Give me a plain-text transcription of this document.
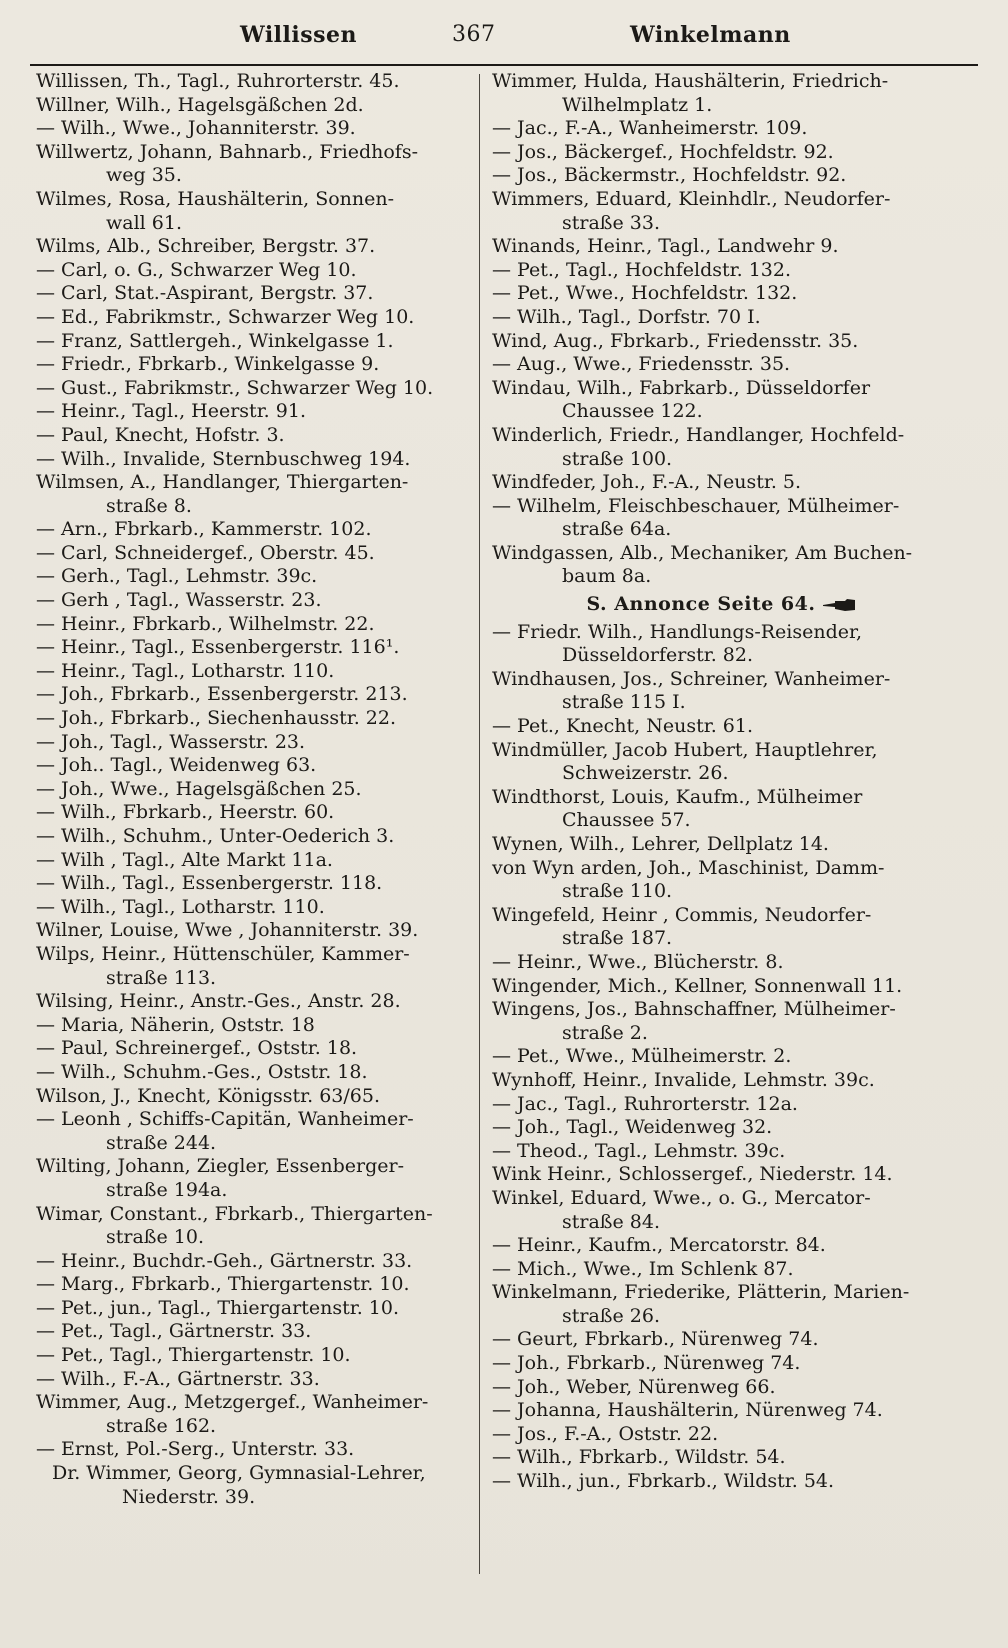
Willissen	367	Winkelmann
Willissen, Th., Tagl., Ruhrorterstr. 45.
Willner, Wilh., Hagelsgäßchen 2d.
— Wilh., Wwe., Johanniterstr. 39.
Willwertz, Johann, Bahnarb., Friedhofs-
weg 35.
Wilmes, Rosa, Haushälterin, Sonnen-
wall 61.
Wilms, Alb., Schreiber, Bergstr. 37.
— Carl, o. G., Schwarzer Weg 10.
— Carl, Stat.-Aspirant, Bergstr. 37.
— Ed., Fabrikmstr., Schwarzer Weg 10.
— Franz, Sattlergeh., Winkelgasse 1.
— Friedr., Fbrkarb., Winkelgasse 9.
— Gust., Fabrikmstr., Schwarzer Weg 10.
— Heinr., Tagl., Heerstr. 91.
— Paul, Knecht, Hofstr. 3.
— Wilh., Invalide, Sternbuschweg 194.
Wilmsen, A., Handlanger, Thiergarten-
straße 8.
— Arn., Fbrkarb., Kammerstr. 102.
— Carl, Schneidergef., Oberstr. 45.
— Gerh., Tagl., Lehmstr. 39c.
— Gerh , Tagl., Wasserstr. 23.
— Heinr., Fbrkarb., Wilhelmstr. 22.
— Heinr., Tagl., Essenbergerstr. 116¹.
— Heinr., Tagl., Lotharstr. 110.
— Joh., Fbrkarb., Essenbergerstr. 213.
— Joh., Fbrkarb., Siechenhausstr. 22.
— Joh., Tagl., Wasserstr. 23.
— Joh.. Tagl., Weidenweg 63.
— Joh., Wwe., Hagelsgäßchen 25.
— Wilh., Fbrkarb., Heerstr. 60.
— Wilh., Schuhm., Unter-Oederich 3.
— Wilh , Tagl., Alte Markt 11a.
— Wilh., Tagl., Essenbergerstr. 118.
— Wilh., Tagl., Lotharstr. 110.
Wilner, Louise, Wwe , Johanniterstr. 39.
Wilps, Heinr., Hüttenschüler, Kammer-
straße 113.
Wilsing, Heinr., Anstr.-Ges., Anstr. 28.
— Maria, Näherin, Oststr. 18
— Paul, Schreinergef., Oststr. 18.
— Wilh., Schuhm.-Ges., Oststr. 18.
Wilson, J., Knecht, Königsstr. 63/65.
— Leonh , Schiffs-Capitän, Wanheimer-
straße 244.
Wilting, Johann, Ziegler, Essenberger-
straße 194a.
Wimar, Constant., Fbrkarb., Thiergarten-
straße 10.
— Heinr., Buchdr.-Geh., Gärtnerstr. 33.
— Marg., Fbrkarb., Thiergartenstr. 10.
— Pet., jun., Tagl., Thiergartenstr. 10.
— Pet., Tagl., Gärtnerstr. 33.
— Pet., Tagl., Thiergartenstr. 10.
— Wilh., F.-A., Gärtnerstr. 33.
Wimmer, Aug., Metzgergef., Wanheimer-
straße 162.
— Ernst, Pol.-Serg., Unterstr. 33.
Dr. Wimmer, Georg, Gymnasial-Lehrer,
Niederstr. 39.
Wimmer, Hulda, Haushälterin, Friedrich-
Wilhelmplatz 1.
— Jac., F.-A., Wanheimerstr. 109.
— Jos., Bäckergef., Hochfeldstr. 92.
— Jos., Bäckermstr., Hochfeldstr. 92.
Wimmers, Eduard, Kleinhdlr., Neudorfer-
straße 33.
Winands, Heinr., Tagl., Landwehr 9.
— Pet., Tagl., Hochfeldstr. 132.
— Pet., Wwe., Hochfeldstr. 132.
— Wilh., Tagl., Dorfstr. 70 I.
Wind, Aug., Fbrkarb., Friedensstr. 35.
— Aug., Wwe., Friedensstr. 35.
Windau, Wilh., Fabrkarb., Düsseldorfer
Chaussee 122.
Winderlich, Friedr., Handlanger, Hochfeld-
straße 100.
Windfeder, Joh., F.-A., Neustr. 5.
— Wilhelm, Fleischbeschauer, Mülheimer-
straße 64a.
Windgassen, Alb., Mechaniker, Am Buchen-
baum 8a.
S. Annonce Seite 64.
— Friedr. Wilh., Handlungs-Reisender,
Düsseldorferstr. 82.
Windhausen, Jos., Schreiner, Wanheimer-
straße 115 I.
— Pet., Knecht, Neustr. 61.
Windmüller, Jacob Hubert, Hauptlehrer,
Schweizerstr. 26.
Windthorst, Louis, Kaufm., Mülheimer
Chaussee 57.
Wynen, Wilh., Lehrer, Dellplatz 14.
von Wyn arden, Joh., Maschinist, Damm-
straße 110.
Wingefeld, Heinr , Commis, Neudorfer-
straße 187.
— Heinr., Wwe., Blücherstr. 8.
Wingender, Mich., Kellner, Sonnenwall 11.
Wingens, Jos., Bahnschaffner, Mülheimer-
straße 2.
— Pet., Wwe., Mülheimerstr. 2.
Wynhoff, Heinr., Invalide, Lehmstr. 39c.
— Jac., Tagl., Ruhrorterstr. 12a.
— Joh., Tagl., Weidenweg 32.
— Theod., Tagl., Lehmstr. 39c.
Wink Heinr., Schlossergef., Niederstr. 14.
Winkel, Eduard, Wwe., o. G., Mercator-
straße 84.
— Heinr., Kaufm., Mercatorstr. 84.
— Mich., Wwe., Im Schlenk 87.
Winkelmann, Friederike, Plätterin, Marien-
straße 26.
— Geurt, Fbrkarb., Nürenweg 74.
— Joh., Fbrkarb., Nürenweg 74.
— Joh., Weber, Nürenweg 66.
— Johanna, Haushälterin, Nürenweg 74.
— Jos., F.-A., Oststr. 22.
— Wilh., Fbrkarb., Wildstr. 54.
— Wilh., jun., Fbrkarb., Wildstr. 54.
